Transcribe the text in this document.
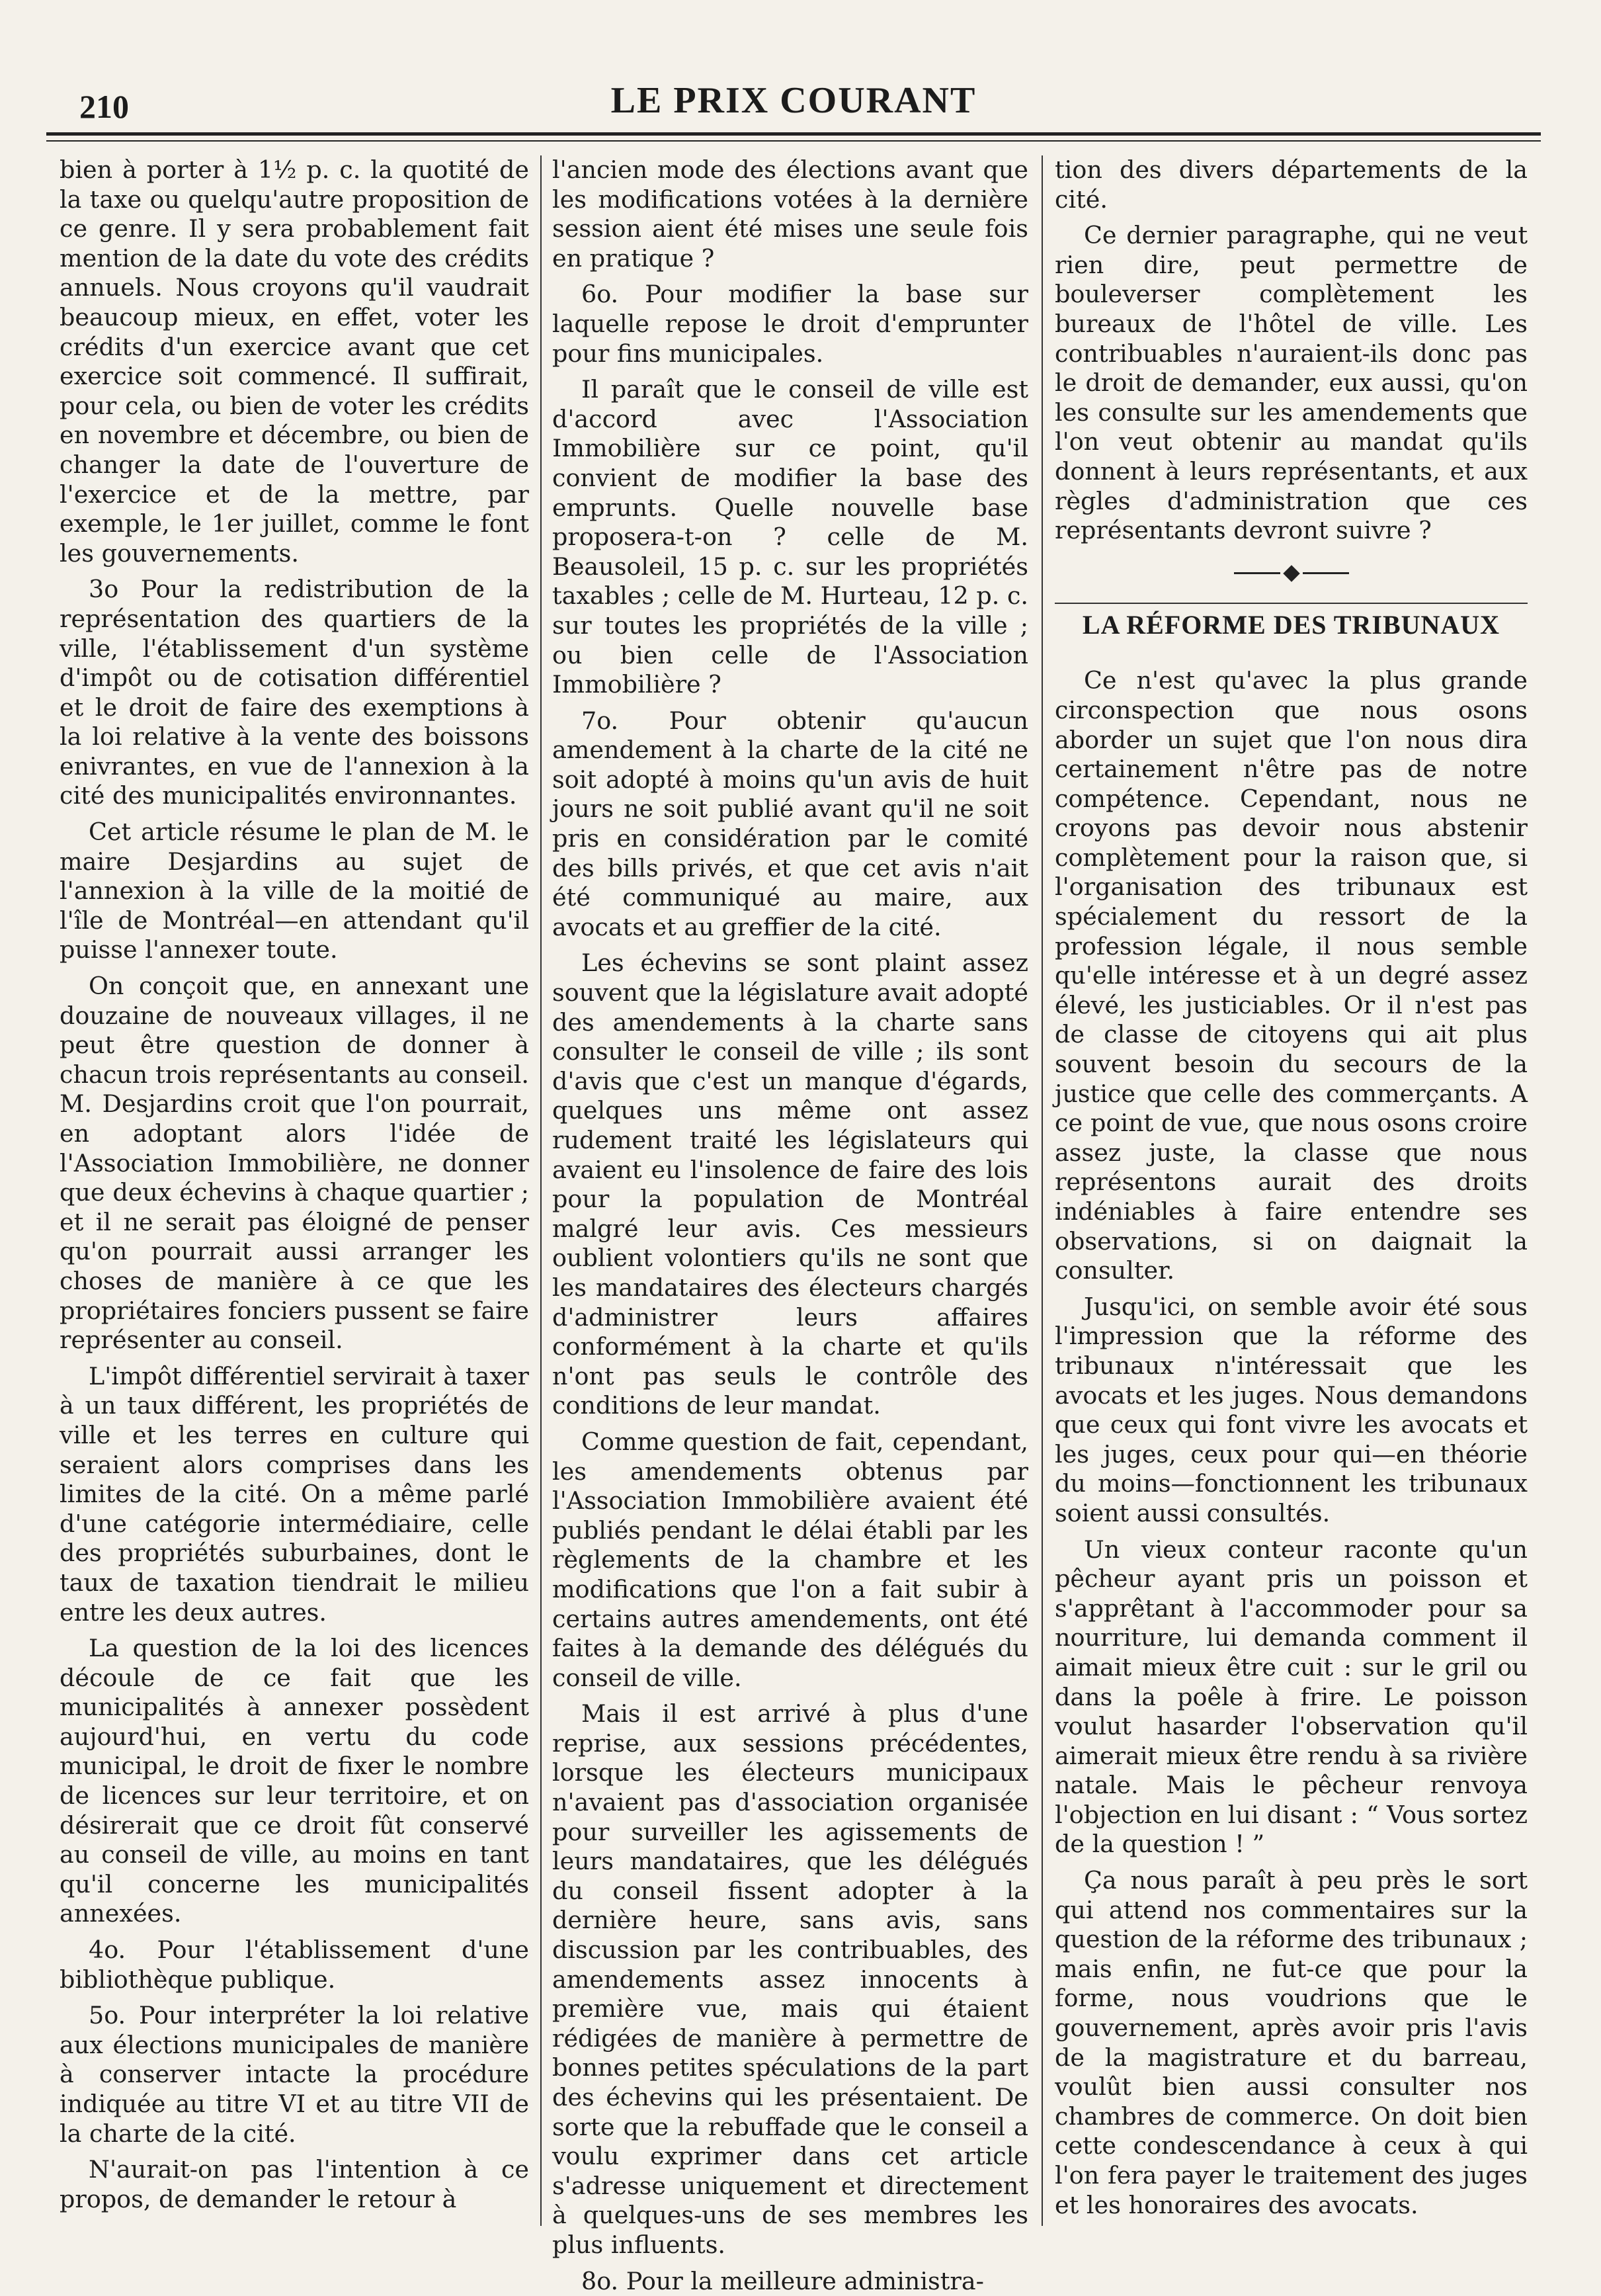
210	LE PRIX COURANT

bien à porter à 1½ p. c. la quotité de la taxe ou quelqu'autre proposition de ce genre. Il y sera probablement fait mention de la date du vote des crédits annuels. Nous croyons qu'il vaudrait beaucoup mieux, en effet, voter les crédits d'un exercice avant que cet exercice soit commencé. Il suffirait, pour cela, ou bien de voter les crédits en novembre et décembre, ou bien de changer la date de l'ouverture de l'exercice et de la mettre, par exemple, le 1er juillet, comme le font les gouvernements.

3o Pour la redistribution de la représentation des quartiers de la ville, l'établissement d'un système d'impôt ou de cotisation différentiel et le droit de faire des exemptions à la loi relative à la vente des boissons enivrantes, en vue de l'annexion à la cité des municipalités environnantes.

Cet article résume le plan de M. le maire Desjardins au sujet de l'annexion à la ville de la moitié de l'île de Montréal—en attendant qu'il puisse l'annexer toute.

On conçoit que, en annexant une douzaine de nouveaux villages, il ne peut être question de donner à chacun trois représentants au conseil. M. Desjardins croit que l'on pourrait, en adoptant alors l'idée de l'Association Immobilière, ne donner que deux échevins à chaque quartier ; et il ne serait pas éloigné de penser qu'on pourrait aussi arranger les choses de manière à ce que les propriétaires fonciers pussent se faire représenter au conseil.

L'impôt différentiel servirait à taxer à un taux différent, les propriétés de ville et les terres en culture qui seraient alors comprises dans les limites de la cité. On a même parlé d'une catégorie intermédiaire, celle des propriétés suburbaines, dont le taux de taxation tiendrait le milieu entre les deux autres.

La question de la loi des licences découle de ce fait que les municipalités à annexer possèdent aujourd'hui, en vertu du code municipal, le droit de fixer le nombre de licences sur leur territoire, et on désirerait que ce droit fût conservé au conseil de ville, au moins en tant qu'il concerne les municipalités annexées.

4o. Pour l'établissement d'une bibliothèque publique.

5o. Pour interpréter la loi relative aux élections municipales de manière à conserver intacte la procédure indiquée au titre VI et au titre VII de la charte de la cité.

N'aurait-on pas l'intention à ce propos, de demander le retour à

l'ancien mode des élections avant que les modifications votées à la dernière session aient été mises une seule fois en pratique ?

6o. Pour modifier la base sur laquelle repose le droit d'emprunter pour fins municipales.

Il paraît que le conseil de ville est d'accord avec l'Association Immobilière sur ce point, qu'il convient de modifier la base des emprunts. Quelle nouvelle base proposera-t-on ? celle de M. Beausoleil, 15 p. c. sur les propriétés taxables ; celle de M. Hurteau, 12 p. c. sur toutes les propriétés de la ville ; ou bien celle de l'Association Immobilière ?

7o. Pour obtenir qu'aucun amendement à la charte de la cité ne soit adopté à moins qu'un avis de huit jours ne soit publié avant qu'il ne soit pris en considération par le comité des bills privés, et que cet avis n'ait été communiqué au maire, aux avocats et au greffier de la cité.

Les échevins se sont plaint assez souvent que la législature avait adopté des amendements à la charte sans consulter le conseil de ville ; ils sont d'avis que c'est un manque d'égards, quelques uns même ont assez rudement traité les législateurs qui avaient eu l'insolence de faire des lois pour la population de Montréal malgré leur avis. Ces messieurs oublient volontiers qu'ils ne sont que les mandataires des électeurs chargés d'administrer leurs affaires conformément à la charte et qu'ils n'ont pas seuls le contrôle des conditions de leur mandat.

Comme question de fait, cependant, les amendements obtenus par l'Association Immobilière avaient été publiés pendant le délai établi par les règlements de la chambre et les modifications que l'on a fait subir à certains autres amendements, ont été faites à la demande des délégués du conseil de ville.

Mais il est arrivé à plus d'une reprise, aux sessions précédentes, lorsque les électeurs municipaux n'avaient pas d'association organisée pour surveiller les agissements de leurs mandataires, que les délégués du conseil fissent adopter à la dernière heure, sans avis, sans discussion par les contribuables, des amendements assez innocents à première vue, mais qui étaient rédigées de manière à permettre de bonnes petites spéculations de la part des échevins qui les présentaient. De sorte que la rebuffade que le conseil a voulu exprimer dans cet article s'adresse uniquement et directement à quelques-uns de ses membres les plus influents.

8o. Pour la meilleure administra-

tion des divers départements de la cité.

Ce dernier paragraphe, qui ne veut rien dire, peut permettre de bouleverser complètement les bureaux de l'hôtel de ville. Les contribuables n'auraient-ils donc pas le droit de demander, eux aussi, qu'on les consulte sur les amendements que l'on veut obtenir au mandat qu'ils donnent à leurs représentants, et aux règles d'administration que ces représentants devront suivre ?

LA RÉFORME DES TRIBUNAUX

Ce n'est qu'avec la plus grande circonspection que nous osons aborder un sujet que l'on nous dira certainement n'être pas de notre compétence. Cependant, nous ne croyons pas devoir nous abstenir complètement pour la raison que, si l'organisation des tribunaux est spécialement du ressort de la profession légale, il nous semble qu'elle intéresse et à un degré assez élevé, les justiciables. Or il n'est pas de classe de citoyens qui ait plus souvent besoin du secours de la justice que celle des commerçants. A ce point de vue, que nous osons croire assez juste, la classe que nous représentons aurait des droits indéniables à faire entendre ses observations, si on daignait la consulter.

Jusqu'ici, on semble avoir été sous l'impression que la réforme des tribunaux n'intéressait que les avocats et les juges. Nous demandons que ceux qui font vivre les avocats et les juges, ceux pour qui—en théorie du moins—fonctionnent les tribunaux soient aussi consultés.

Un vieux conteur raconte qu'un pêcheur ayant pris un poisson et s'apprêtant à l'accommoder pour sa nourriture, lui demanda comment il aimait mieux être cuit : sur le gril ou dans la poêle à frire. Le poisson voulut hasarder l'observation qu'il aimerait mieux être rendu à sa rivière natale. Mais le pêcheur renvoya l'objection en lui disant : “ Vous sortez de la question ! ”

Ça nous paraît à peu près le sort qui attend nos commentaires sur la question de la réforme des tribunaux ; mais enfin, ne fut-ce que pour la forme, nous voudrions que le gouvernement, après avoir pris l'avis de la magistrature et du barreau, voulût bien aussi consulter nos chambres de commerce. On doit bien cette condescendance à ceux à qui l'on fera payer le traitement des juges et les honoraires des avocats.
